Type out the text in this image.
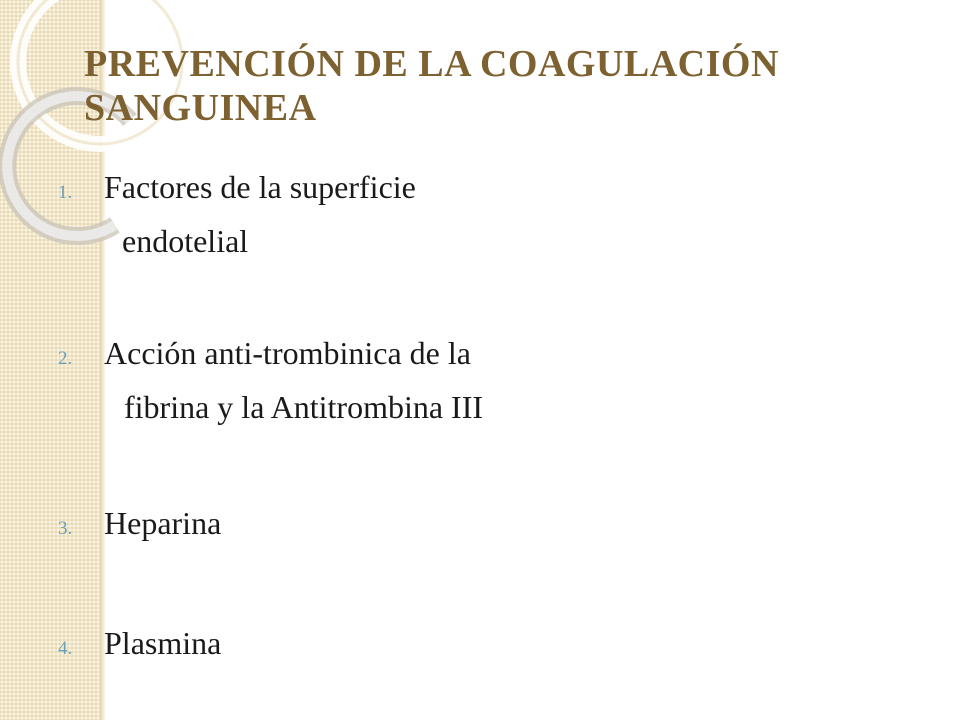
PREVENCIÓN DE LA COAGULACIÓN
SANGUINEA
1. Factores de la superficie
endotelial
2. Acción anti-trombinica de la
fibrina y la Antitrombina III
3. Heparina
4. Plasmina
